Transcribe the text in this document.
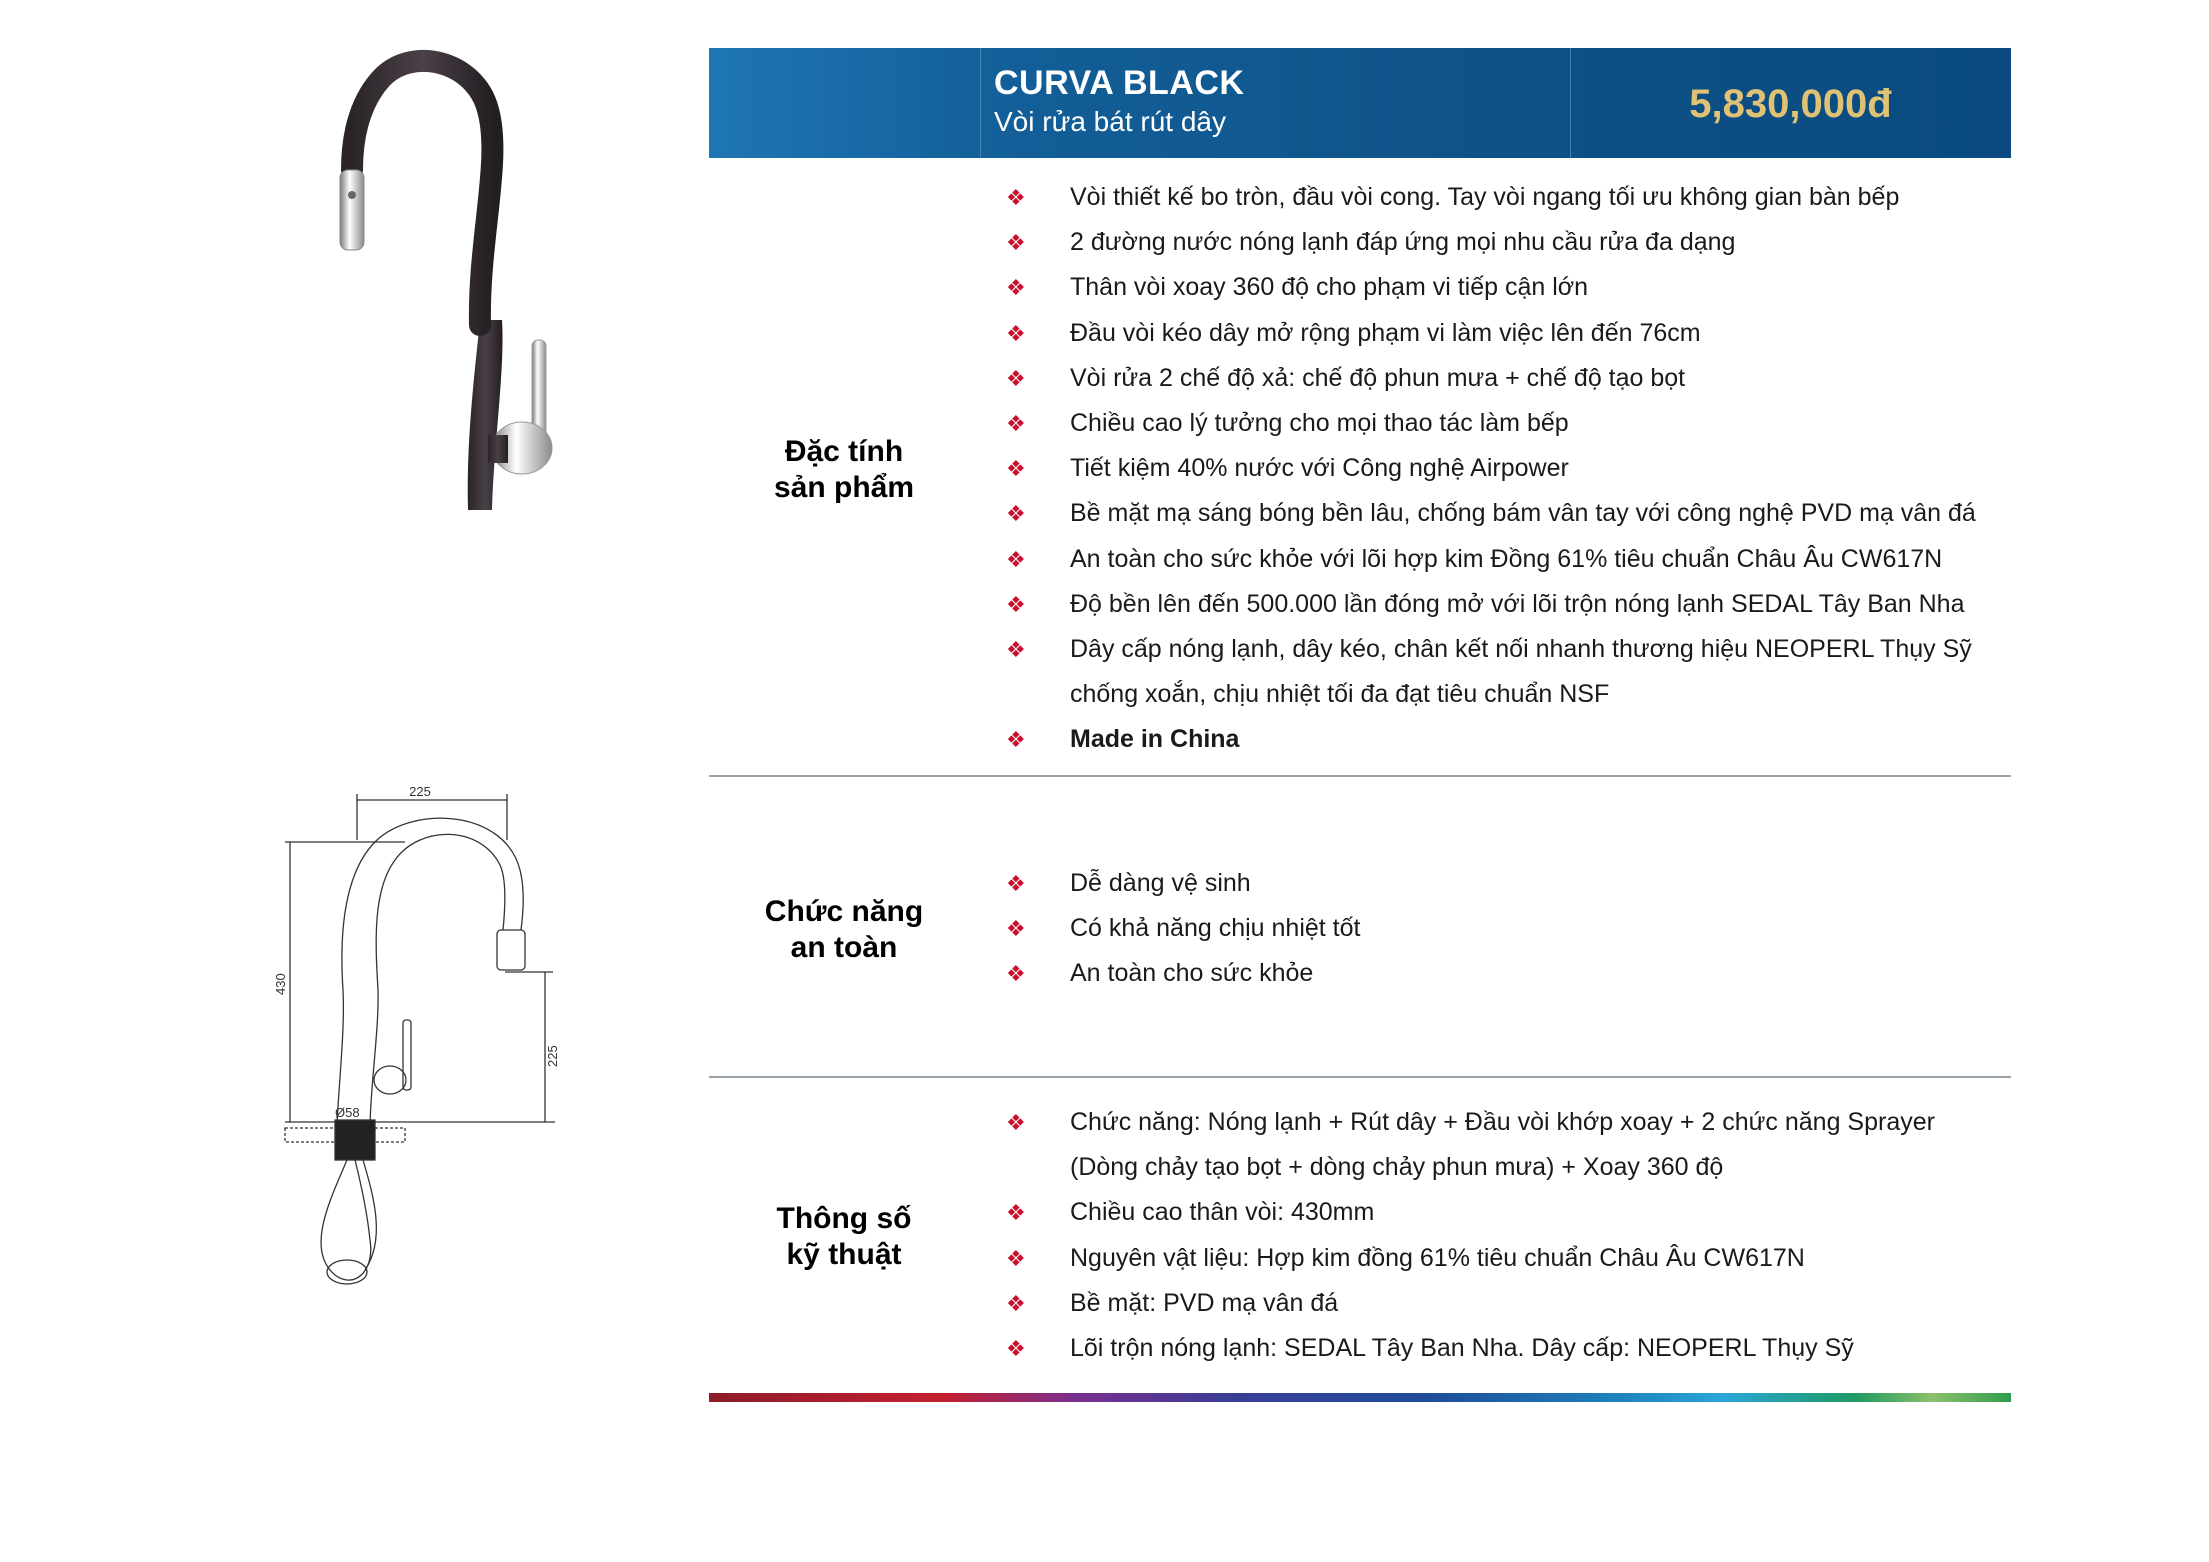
225
430
225
Ø58
CURVA BLACK
Vòi rửa bát rút dây	5,830,000đ
Đặc tính
sản phẩm
❖ Vòi thiết kế bo tròn, đầu vòi cong. Tay vòi ngang tối ưu không gian bàn bếp
❖ 2 đường nước nóng lạnh đáp ứng mọi nhu cầu rửa đa dạng
❖ Thân vòi xoay 360 độ cho phạm vi tiếp cận lớn
❖ Đầu vòi kéo dây mở rộng phạm vi làm việc lên đến 76cm
❖ Vòi rửa 2 chế độ xả: chế độ phun mưa + chế độ tạo bọt
❖ Chiều cao lý tưởng cho mọi thao tác làm bếp
❖ Tiết kiệm 40% nước với Công nghệ Airpower
❖ Bề mặt mạ sáng bóng bền lâu, chống bám vân tay với công nghệ PVD mạ vân đá
❖ An toàn cho sức khỏe với lõi hợp kim Đồng 61% tiêu chuẩn Châu Âu CW617N
❖ Độ bền lên đến 500.000 lần đóng mở với lõi trộn nóng lạnh SEDAL Tây Ban Nha
❖ Dây cấp nóng lạnh, dây kéo, chân kết nối nhanh thương hiệu NEOPERL Thụy Sỹ
chống xoắn, chịu nhiệt tối đa đạt tiêu chuẩn NSF
❖ Made in China
Chức năng
an toàn
❖ Dễ dàng vệ sinh
❖ Có khả năng chịu nhiệt tốt
❖ An toàn cho sức khỏe
Thông số
kỹ thuật
❖ Chức năng: Nóng lạnh + Rút dây + Đầu vòi khớp xoay + 2 chức năng Sprayer
(Dòng chảy tạo bọt + dòng chảy phun mưa) + Xoay 360 độ
❖ Chiều cao thân vòi: 430mm
❖ Nguyên vật liệu: Hợp kim đồng 61% tiêu chuẩn Châu Âu CW617N
❖ Bề mặt: PVD mạ vân đá
❖ Lõi trộn nóng lạnh: SEDAL Tây Ban Nha. Dây cấp: NEOPERL Thụy Sỹ
